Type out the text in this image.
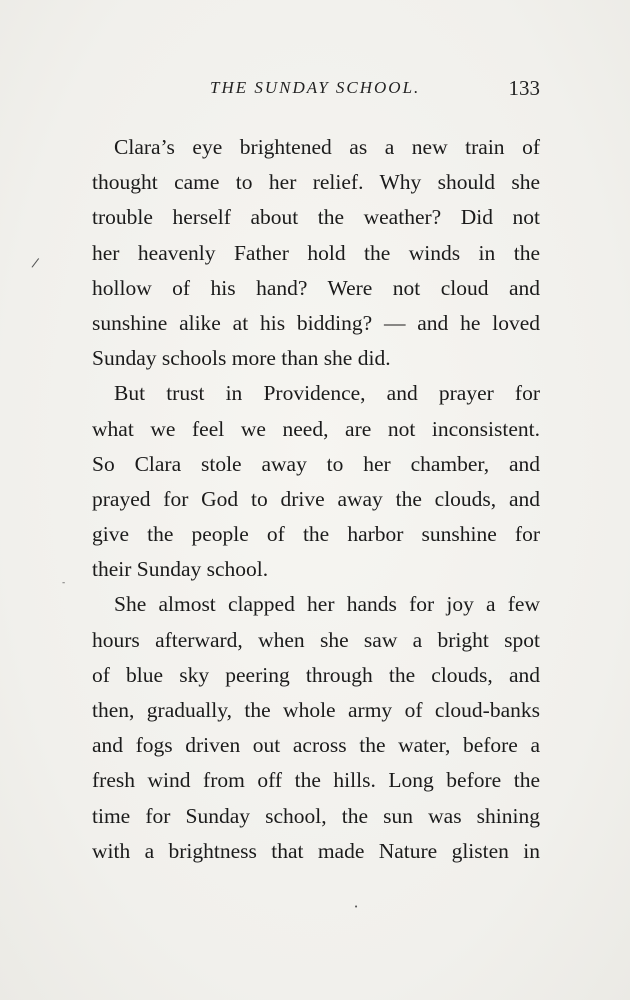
THE SUNDAY SCHOOL.	133
Clara’s eye brightened as a new train of
thought came to her relief. Why should she
trouble herself about the weather? Did not
her heavenly Father hold the winds in the
hollow of his hand? Were not cloud and
sunshine alike at his bidding? — and he loved
Sunday schools more than she did.
But trust in Providence, and prayer for
what we feel we need, are not inconsistent.
So Clara stole away to her chamber, and
prayed for God to drive away the clouds, and
give the people of the harbor sunshine for
their Sunday school.
She almost clapped her hands for joy a few
hours afterward, when she saw a bright spot
of blue sky peering through the clouds, and
then, gradually, the whole army of cloud-banks
and fogs driven out across the water, before a
fresh wind from off the hills. Long before the
time for Sunday school, the sun was shining
with a brightness that made Nature glisten in
/
-
•
